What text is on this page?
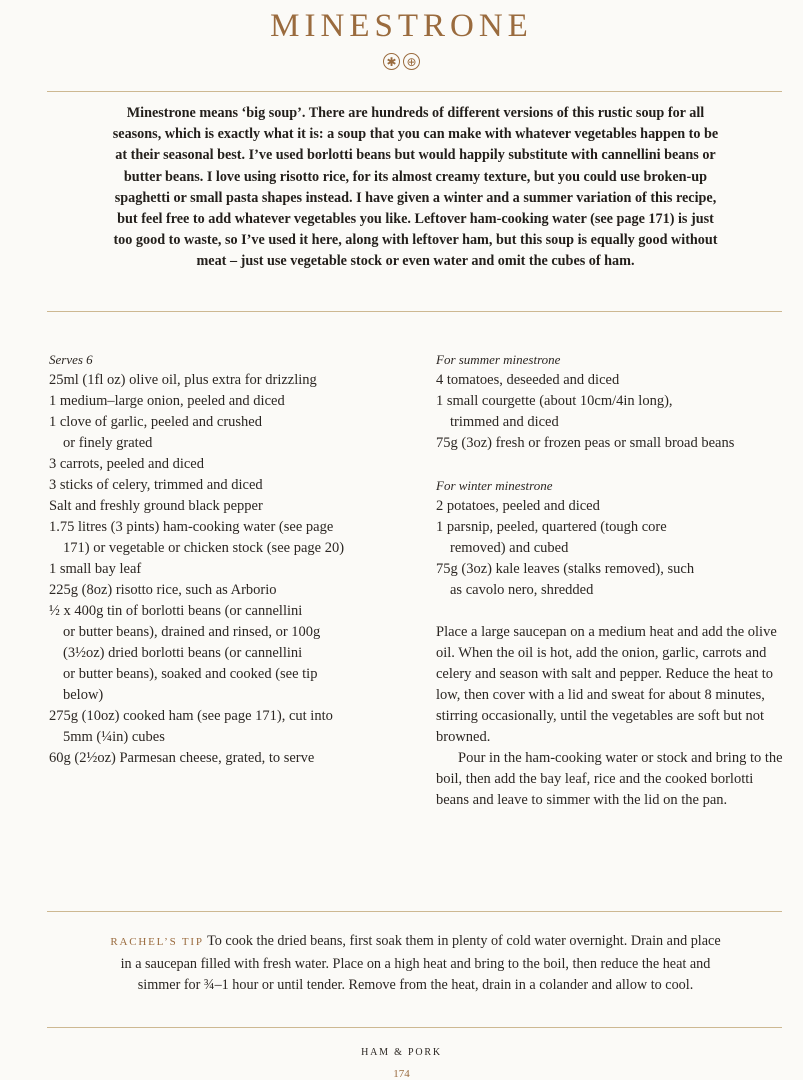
MINESTRONE
✱ ⊕
Minestrone means ‘big soup’. There are hundreds of different versions of this rustic soup for all seasons, which is exactly what it is: a soup that you can make with whatever vegetables happen to be at their seasonal best. I’ve used borlotti beans but would happily substitute with cannellini beans or butter beans. I love using risotto rice, for its almost creamy texture, but you could use broken-up spaghetti or small pasta shapes instead. I have given a winter and a summer variation of this recipe, but feel free to add whatever vegetables you like. Leftover ham-cooking water (see page 171) is just too good to waste, so I’ve used it here, along with leftover ham, but this soup is equally good without meat – just use vegetable stock or even water and omit the cubes of ham.
Serves 6
25ml (1fl oz) olive oil, plus extra for drizzling
1 medium–large onion, peeled and diced
1 clove of garlic, peeled and crushed
or finely grated
3 carrots, peeled and diced
3 sticks of celery, trimmed and diced
Salt and freshly ground black pepper
1.75 litres (3 pints) ham-cooking water (see page
171) or vegetable or chicken stock (see page 20)
1 small bay leaf
225g (8oz) risotto rice, such as Arborio
½ x 400g tin of borlotti beans (or cannellini
or butter beans), drained and rinsed, or 100g
(3½oz) dried borlotti beans (or cannellini
or butter beans), soaked and cooked (see tip
below)
275g (10oz) cooked ham (see page 171), cut into
5mm (¼in) cubes
60g (2½oz) Parmesan cheese, grated, to serve
For summer minestrone
4 tomatoes, deseeded and diced
1 small courgette (about 10cm/4in long),
trimmed and diced
75g (3oz) fresh or frozen peas or small broad beans
For winter minestrone
2 potatoes, peeled and diced
1 parsnip, peeled, quartered (tough core
removed) and cubed
75g (3oz) kale leaves (stalks removed), such
as cavolo nero, shredded

Place a large saucepan on a medium heat and add the olive oil. When the oil is hot, add the onion, garlic, carrots and celery and season with salt and pepper. Reduce the heat to low, then cover with a lid and sweat for about 8 minutes, stirring occasionally, until the vegetables are soft but not browned.

Pour in the ham-cooking water or stock and bring to the boil, then add the bay leaf, rice and the cooked borlotti beans and leave to simmer with the lid on the pan.

RACHEL’S TIP To cook the dried beans, first soak them in plenty of cold water overnight. Drain and place in a saucepan filled with fresh water. Place on a high heat and bring to the boil, then reduce the heat and simmer for ¾–1 hour or until tender. Remove from the heat, drain in a colander and allow to cool.
HAM & PORK
174
